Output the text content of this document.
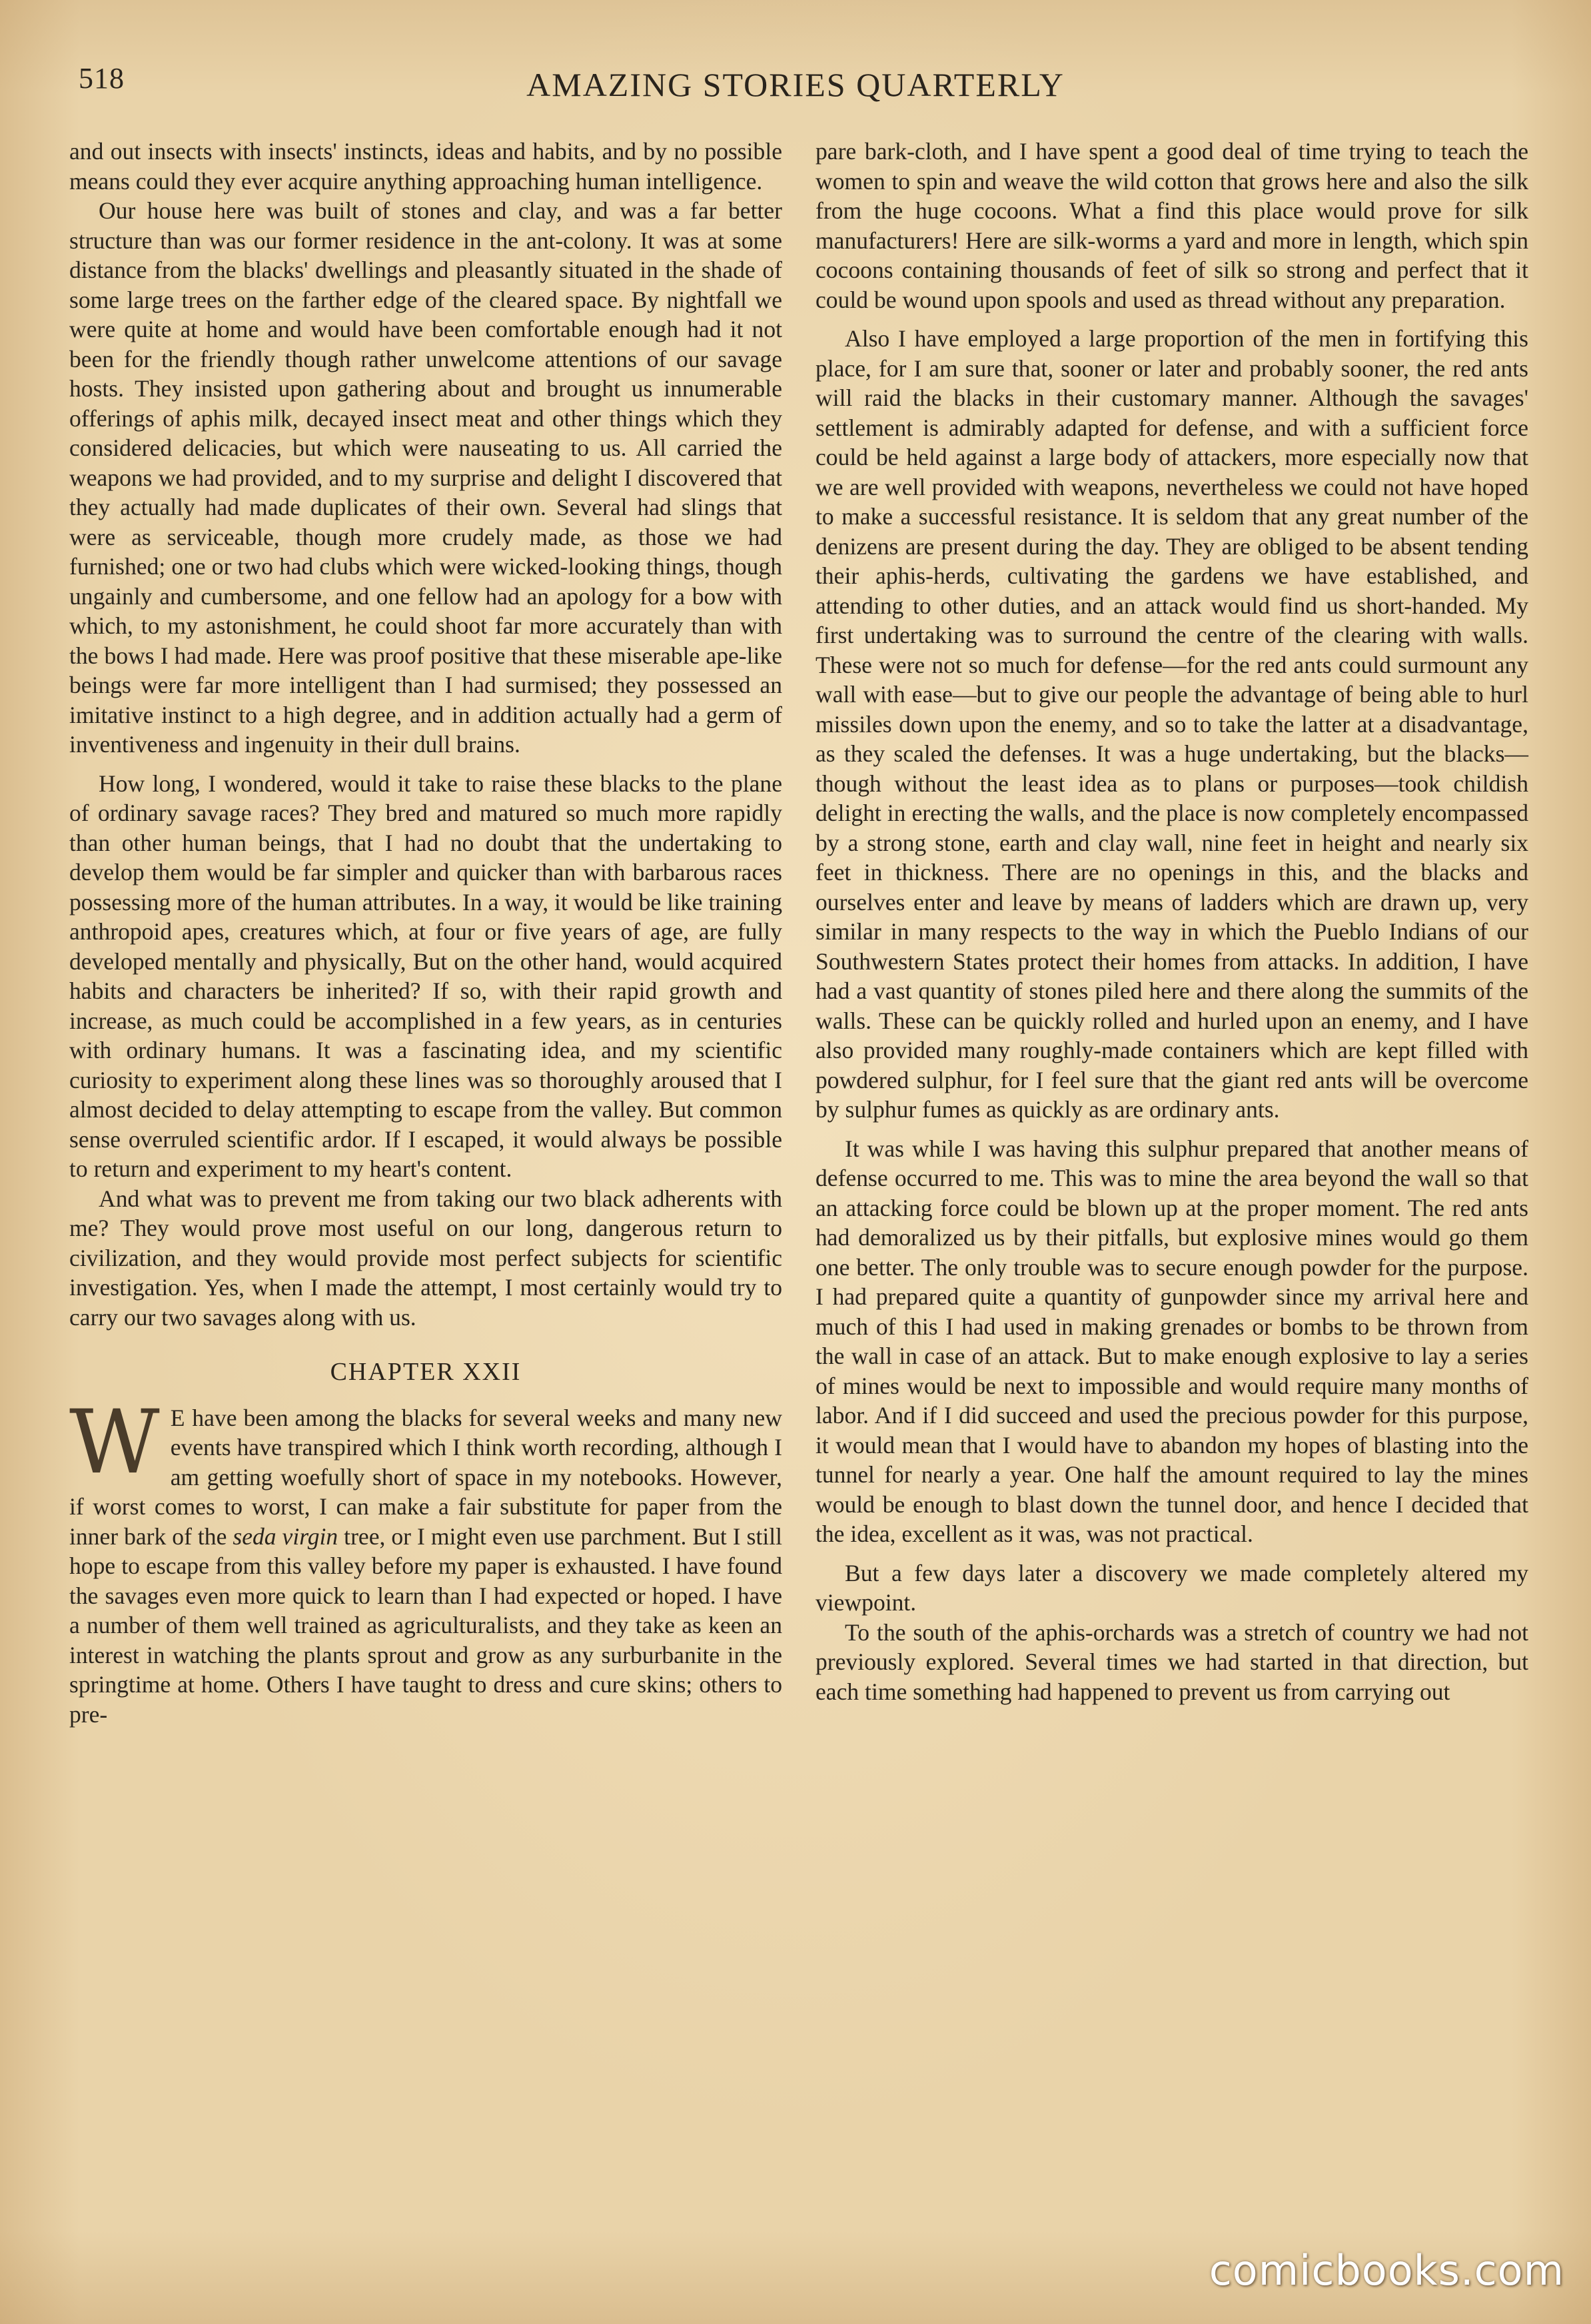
518	AMAZING STORIES QUARTERLY

and out insects with insects' instincts, ideas and habits, and by no possible means could they ever acquire anything approaching human intelligence.

Our house here was built of stones and clay, and was a far better structure than was our former residence in the ant-colony. It was at some distance from the blacks' dwellings and pleasantly situated in the shade of some large trees on the farther edge of the cleared space. By nightfall we were quite at home and would have been comfortable enough had it not been for the friendly though rather unwelcome attentions of our savage hosts. They insisted upon gathering about and brought us innumerable offerings of aphis milk, decayed insect meat and other things which they considered delicacies, but which were nauseating to us. All carried the weapons we had provided, and to my surprise and delight I discovered that they actually had made duplicates of their own. Several had slings that were as serviceable, though more crudely made, as those we had furnished; one or two had clubs which were wicked-looking things, though ungainly and cumbersome, and one fellow had an apology for a bow with which, to my astonishment, he could shoot far more accurately than with the bows I had made. Here was proof positive that these miserable ape-like beings were far more intelligent than I had surmised; they possessed an imitative instinct to a high degree, and in addition actually had a germ of inventiveness and ingenuity in their dull brains.

How long, I wondered, would it take to raise these blacks to the plane of ordinary savage races? They bred and matured so much more rapidly than other human beings, that I had no doubt that the undertaking to develop them would be far simpler and quicker than with barbarous races possessing more of the human attributes. In a way, it would be like training anthropoid apes, creatures which, at four or five years of age, are fully developed mentally and physically, But on the other hand, would acquired habits and characters be inherited? If so, with their rapid growth and increase, as much could be accomplished in a few years, as in centuries with ordinary humans. It was a fascinating idea, and my scientific curiosity to experiment along these lines was so thoroughly aroused that I almost decided to delay attempting to escape from the valley. But common sense overruled scientific ardor. If I escaped, it would always be possible to return and experiment to my heart's content.

And what was to prevent me from taking our two black adherents with me? They would prove most useful on our long, dangerous return to civilization, and they would provide most perfect subjects for scientific investigation. Yes, when I made the attempt, I most certainly would try to carry our two savages along with us.

CHAPTER XXII

W E have been among the blacks for several weeks and many new events have transpired which I think worth recording, although I am getting woefully short of space in my notebooks. However, if worst comes to worst, I can make a fair substitute for paper from the inner bark of the seda virgin tree, or I might even use parchment. But I still hope to escape from this valley before my paper is exhausted. I have found the savages even more quick to learn than I had expected or hoped. I have a number of them well trained as agriculturalists, and they take as keen an interest in watching the plants sprout and grow as any surburbanite in the springtime at home. Others I have taught to dress and cure skins; others to pre-

pare bark-cloth, and I have spent a good deal of time trying to teach the women to spin and weave the wild cotton that grows here and also the silk from the huge cocoons. What a find this place would prove for silk manufacturers! Here are silk-worms a yard and more in length, which spin cocoons containing thousands of feet of silk so strong and perfect that it could be wound upon spools and used as thread without any preparation.

Also I have employed a large proportion of the men in fortifying this place, for I am sure that, sooner or later and probably sooner, the red ants will raid the blacks in their customary manner. Although the savages' settlement is admirably adapted for defense, and with a sufficient force could be held against a large body of attackers, more especially now that we are well provided with weapons, nevertheless we could not have hoped to make a successful resistance. It is seldom that any great number of the denizens are present during the day. They are obliged to be absent tending their aphis-herds, cultivating the gardens we have established, and attending to other duties, and an attack would find us short-handed. My first undertaking was to surround the centre of the clearing with walls. These were not so much for defense—for the red ants could surmount any wall with ease—but to give our people the advantage of being able to hurl missiles down upon the enemy, and so to take the latter at a disadvantage, as they scaled the defenses. It was a huge undertaking, but the blacks—though without the least idea as to plans or purposes—took childish delight in erecting the walls, and the place is now completely encompassed by a strong stone, earth and clay wall, nine feet in height and nearly six feet in thickness. There are no openings in this, and the blacks and ourselves enter and leave by means of ladders which are drawn up, very similar in many respects to the way in which the Pueblo Indians of our Southwestern States protect their homes from attacks. In addition, I have had a vast quantity of stones piled here and there along the summits of the walls. These can be quickly rolled and hurled upon an enemy, and I have also provided many roughly-made containers which are kept filled with powdered sulphur, for I feel sure that the giant red ants will be overcome by sulphur fumes as quickly as are ordinary ants.

It was while I was having this sulphur prepared that another means of defense occurred to me. This was to mine the area beyond the wall so that an attacking force could be blown up at the proper moment. The red ants had demoralized us by their pitfalls, but explosive mines would go them one better. The only trouble was to secure enough powder for the purpose. I had prepared quite a quantity of gunpowder since my arrival here and much of this I had used in making grenades or bombs to be thrown from the wall in case of an attack. But to make enough explosive to lay a series of mines would be next to impossible and would require many months of labor. And if I did succeed and used the precious powder for this purpose, it would mean that I would have to abandon my hopes of blasting into the tunnel for nearly a year. One half the amount required to lay the mines would be enough to blast down the tunnel door, and hence I decided that the idea, excellent as it was, was not practical.

But a few days later a discovery we made completely altered my viewpoint.

To the south of the aphis-orchards was a stretch of country we had not previously explored. Several times we had started in that direction, but each time something had happened to prevent us from carrying out

comicbooks.com
